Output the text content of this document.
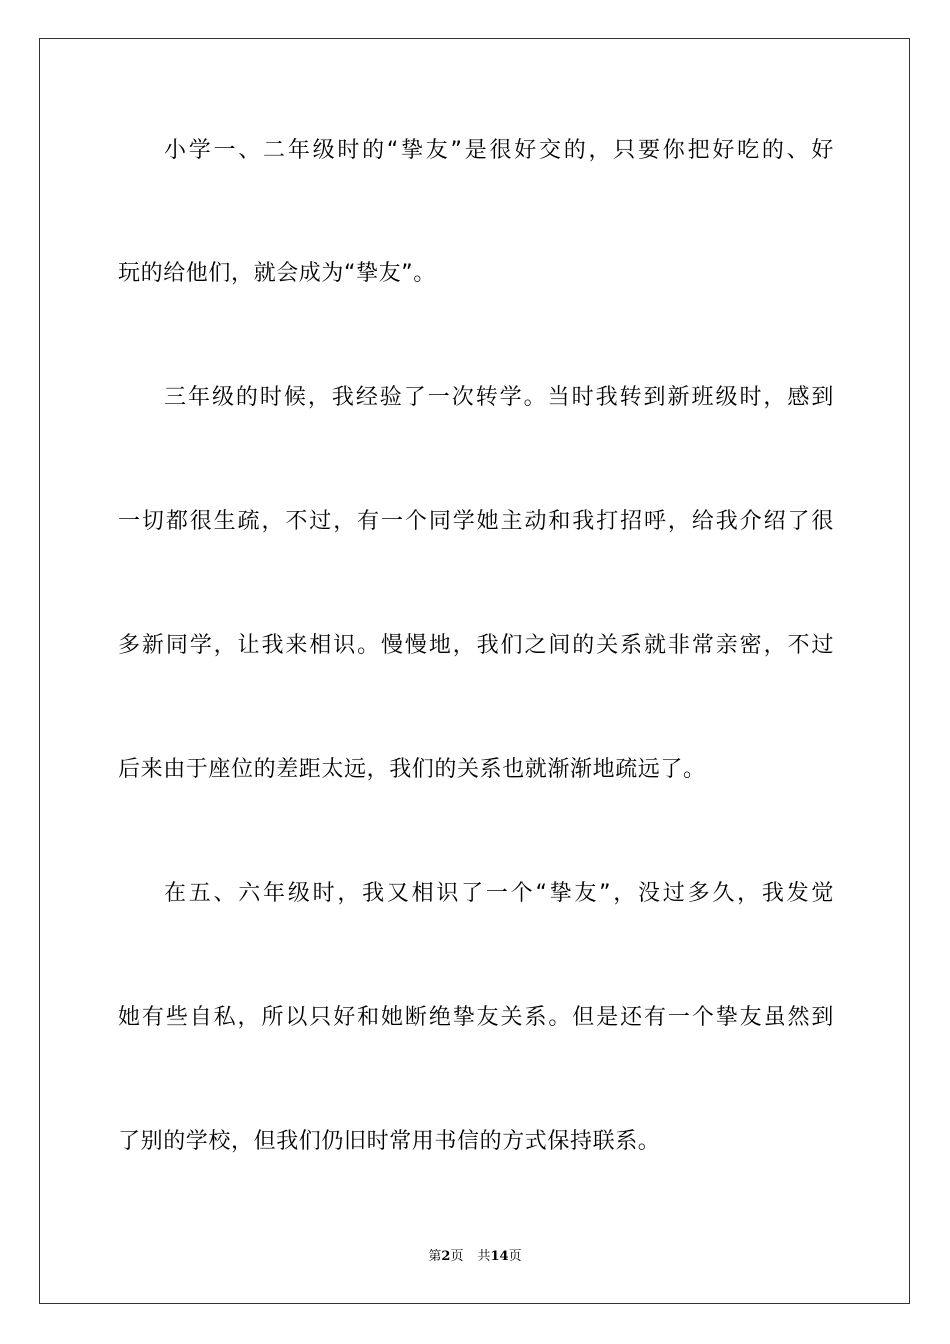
小学一、二年级时的“挚友”是很好交的，只要你把好吃的、好
玩的给他们，就会成为“挚友”。
三年级的时候，我经验了一次转学。当时我转到新班级时，感到
一切都很生疏，不过，有一个同学她主动和我打招呼，给我介绍了很
多新同学，让我来相识。慢慢地，我们之间的关系就非常亲密，不过
后来由于座位的差距太远，我们的关系也就渐渐地疏远了。
在五、六年级时，我又相识了一个“挚友”，没过多久，我发觉
她有些自私，所以只好和她断绝挚友关系。但是还有一个挚友虽然到
了别的学校，但我们仍旧时常用书信的方式保持联系。
第2页 共14页
